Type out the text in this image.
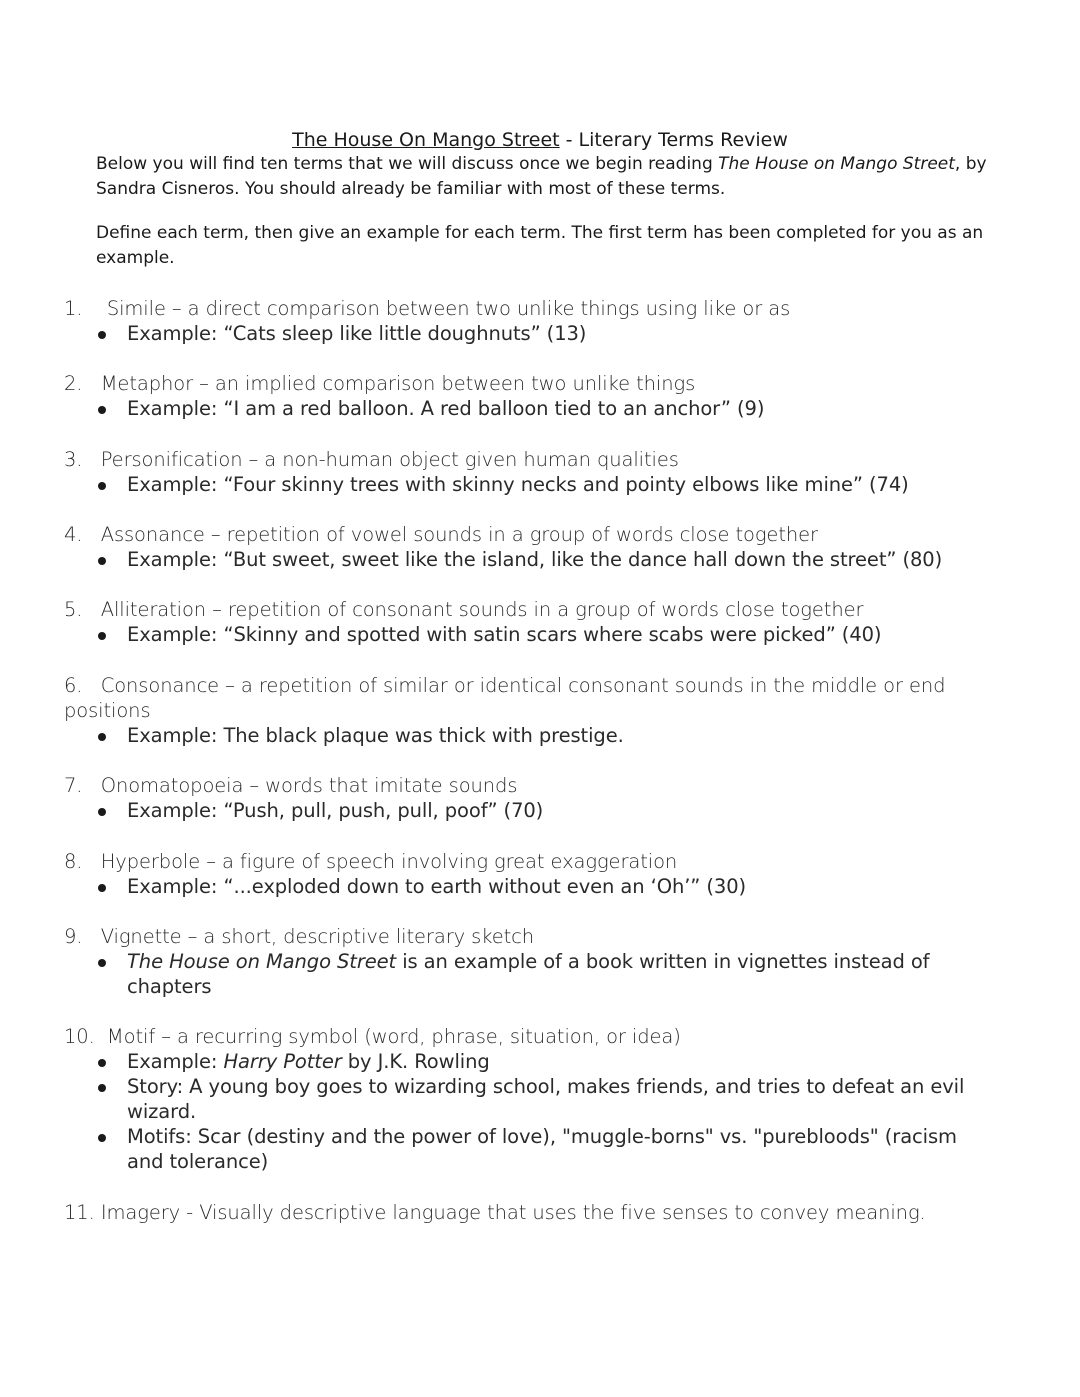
The House On Mango Street - Literary Terms Review
Below you will find ten terms that we will discuss once we begin reading The House on Mango Street, by Sandra Cisneros. You should already be familiar with most of these terms.
Define each term, then give an example for each term. The first term has been completed for you as an example.
1. Simile – a direct comparison between two unlike things using like or as
Example: “Cats sleep like little doughnuts” (13)
2. Metaphor – an implied comparison between two unlike things
Example: “I am a red balloon. A red balloon tied to an anchor” (9)
3. Personification – a non-human object given human qualities
Example: “Four skinny trees with skinny necks and pointy elbows like mine” (74)
4. Assonance – repetition of vowel sounds in a group of words close together
Example: “But sweet, sweet like the island, like the dance hall down the street” (80)
5. Alliteration – repetition of consonant sounds in a group of words close together
Example: “Skinny and spotted with satin scars where scabs were picked” (40)
6. Consonance – a repetition of similar or identical consonant sounds in the middle or end positions
Example: The black plaque was thick with prestige.
7. Onomatopoeia – words that imitate sounds
Example: “Push, pull, push, pull, poof” (70)
8. Hyperbole – a figure of speech involving great exaggeration
Example: “...exploded down to earth without even an ‘Oh’” (30)
9. Vignette – a short, descriptive literary sketch
The House on Mango Street is an example of a book written in vignettes instead of chapters
10. Motif – a recurring symbol (word, phrase, situation, or idea)
Example: Harry Potter by J.K. Rowling
Story: A young boy goes to wizarding school, makes friends, and tries to defeat an evil wizard.
Motifs: Scar (destiny and the power of love), "muggle-borns" vs. "purebloods" (racism and tolerance)
11. Imagery - Visually descriptive language that uses the five senses to convey meaning.
